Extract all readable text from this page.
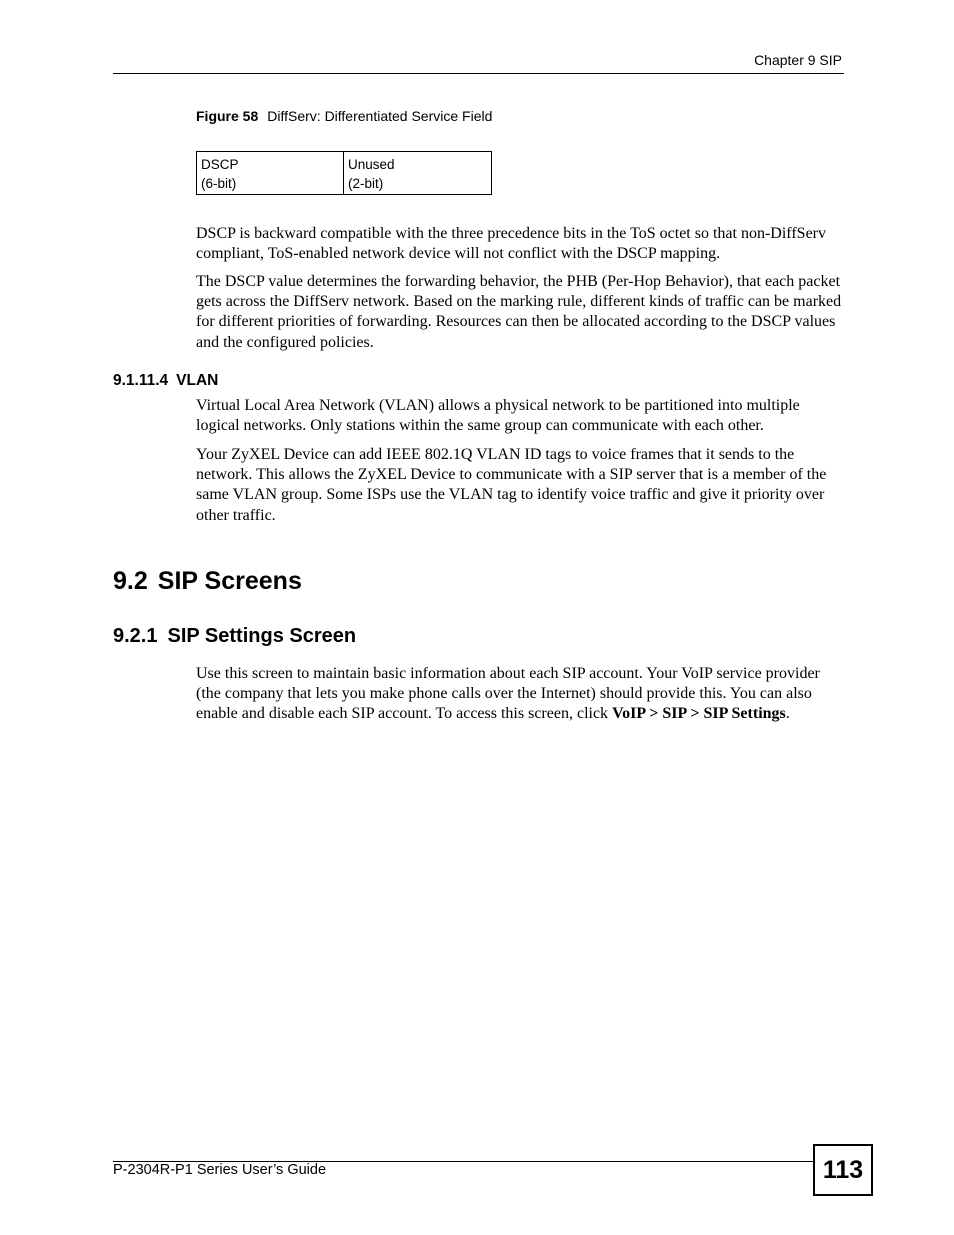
Chapter 9 SIP
Figure 58 DiffServ: Differentiated Service Field
DSCP
(6-bit)
Unused
(2-bit)

DSCP is backward compatible with the three precedence bits in the ToS octet so that non-DiffServ compliant, ToS-enabled network device will not conflict with the DSCP mapping.

The DSCP value determines the forwarding behavior, the PHB (Per-Hop Behavior), that each packet gets across the DiffServ network. Based on the marking rule, different kinds of traffic can be marked for different priorities of forwarding. Resources can then be allocated according to the DSCP values and the configured policies.

9.1.11.4 VLAN

Virtual Local Area Network (VLAN) allows a physical network to be partitioned into multiple logical networks. Only stations within the same group can communicate with each other.

Your ZyXEL Device can add IEEE 802.1Q VLAN ID tags to voice frames that it sends to the network. This allows the ZyXEL Device to communicate with a SIP server that is a member of the same VLAN group. Some ISPs use the VLAN tag to identify voice traffic and give it priority over other traffic.

9.2 SIP Screens
9.2.1 SIP Settings Screen

Use this screen to maintain basic information about each SIP account. Your VoIP service provider (the company that lets you make phone calls over the Internet) should provide this. You can also enable and disable each SIP account. To access this screen, click VoIP > SIP > SIP Settings.

P-2304R-P1 Series User’s Guide	113
